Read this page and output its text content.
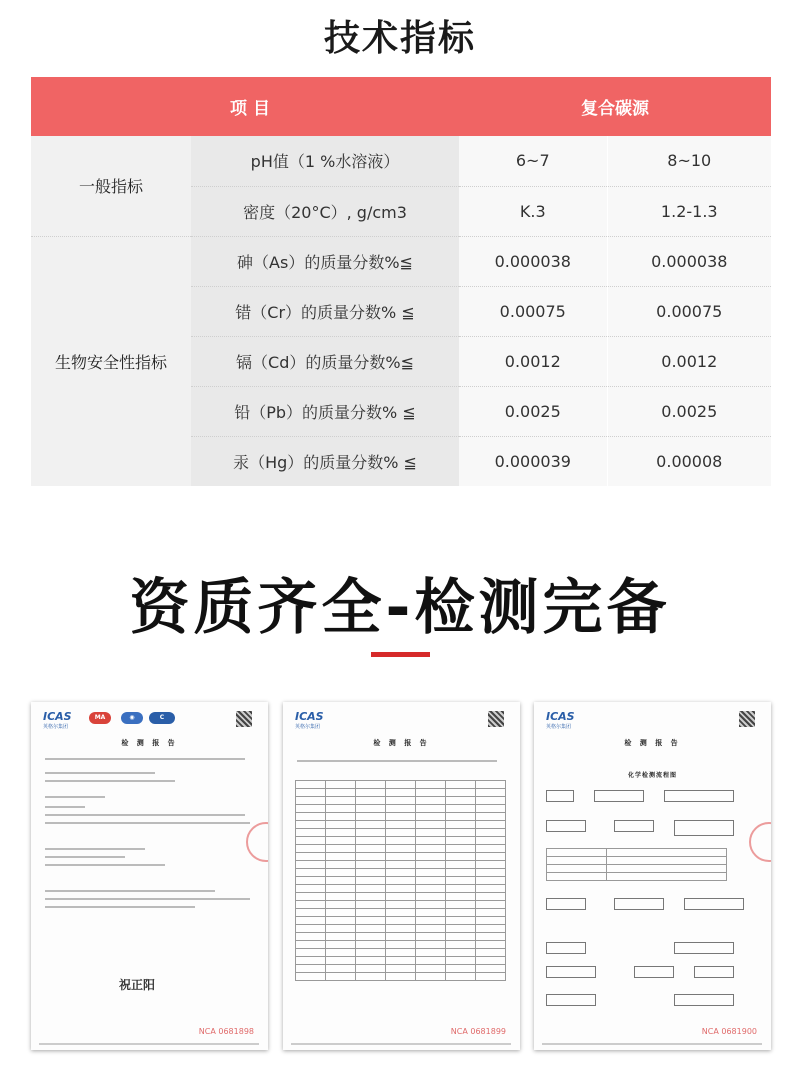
技术指标
项 目		复合碳源	
一般指标	pH值（1 %水溶液）	6~7	8~10
	密度（20°C）, g/cm3	K.3	1.2-1.3
生物安全性指标	砷（As）的质量分数%≦	0.000038	0.000038
	错（Cr）的质量分数% ≦	0.00075	0.00075
	镉（Cd）的质量分数%≦	0.0012	0.0012
	铅（Pb）的质量分数% ≦	0.0025	0.0025
	汞（Hg）的质量分数% ≦	0.000039	0.00008
资质齐全-检测完备
ICAS
英格尔集团
MA	◉	C
检 测 报 告
祝正阳
NCA 0681898
ICAS
英格尔集团
检 测 报 告

NCA 0681899
ICAS
英格尔集团
检 测 报 告
化学检测流程图

NCA 0681900
